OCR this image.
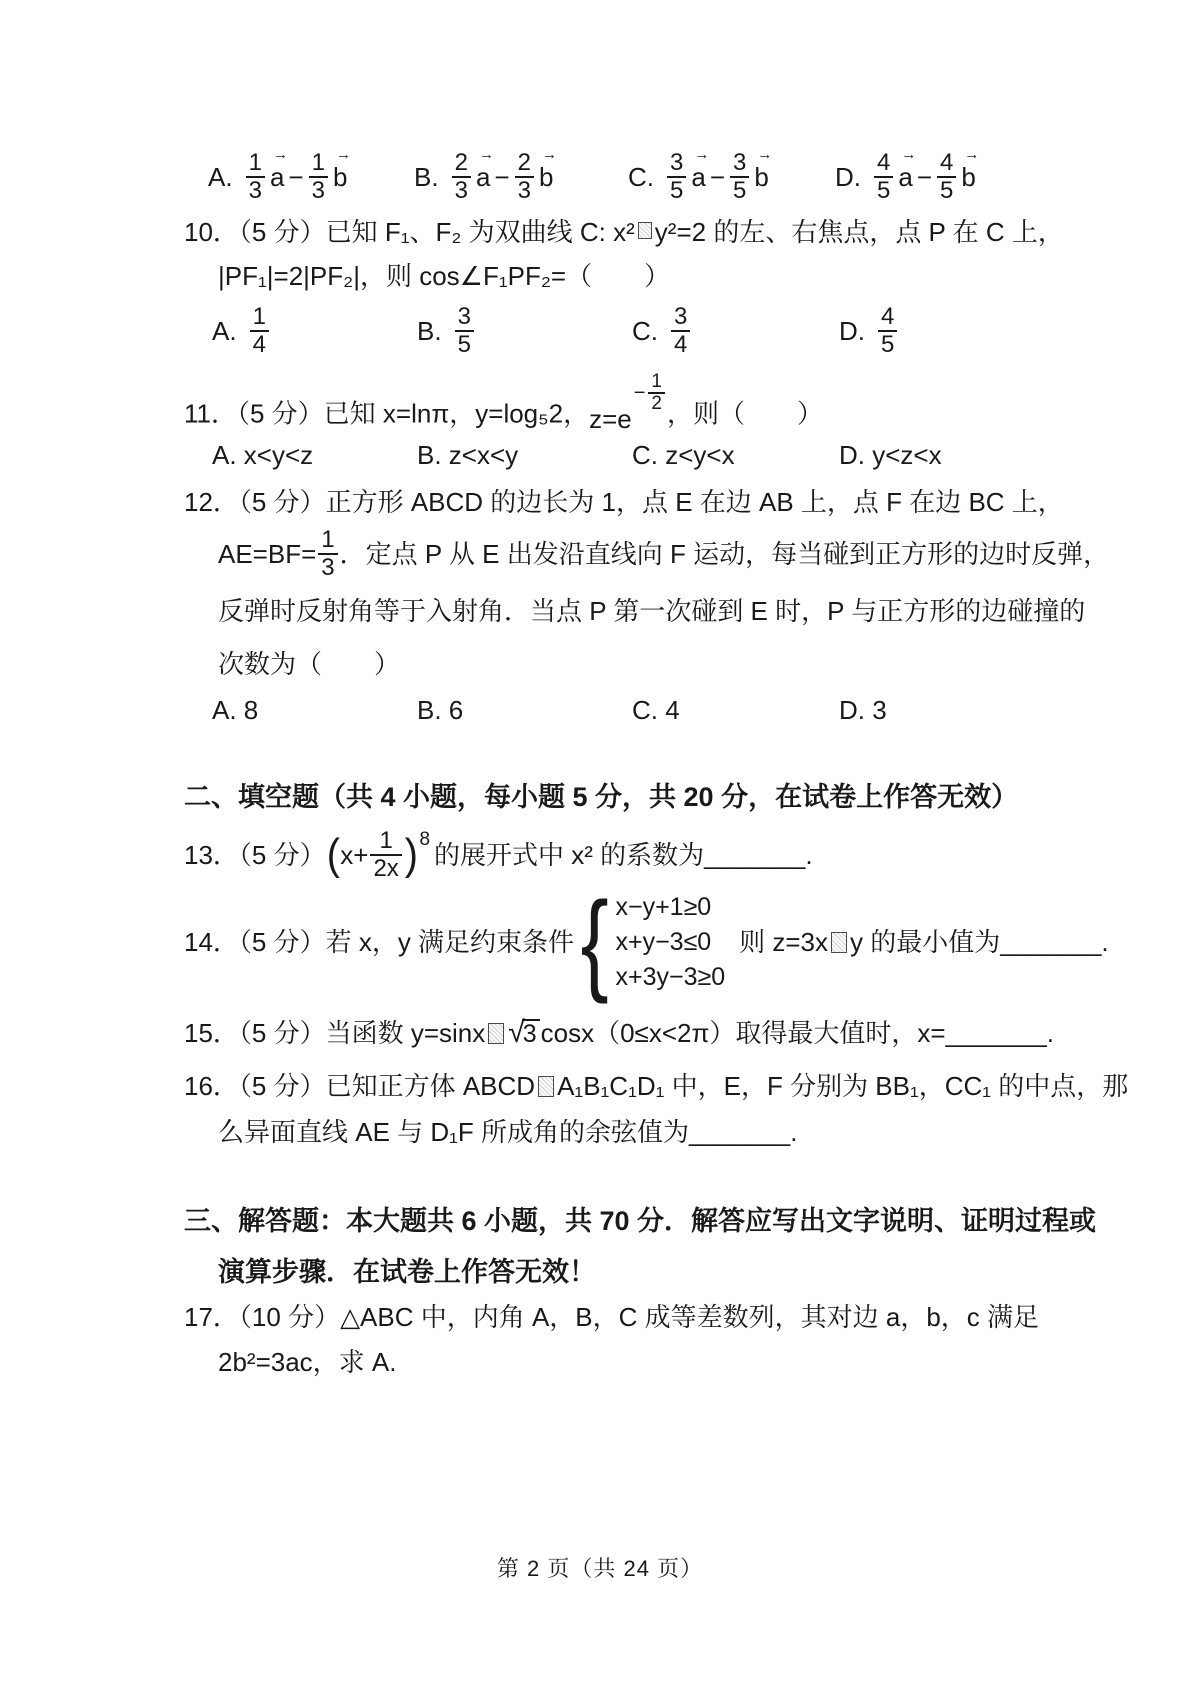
A. $\frac{1}{3}$ →
$a - \frac{1}{3}$ →
b	B. $\frac{2}{3}$ →
$a - \frac{2}{3}$ →
b	C. $\frac{3}{5}$ →
$a - \frac{3}{5}$ →
b	D. $\frac{4}{5}$ →
$a - \frac{4}{5}$ →
b
10．（5 分）已知 F₁、F₂ 为双曲线 C: x² y²=2 的左、右焦点，点 P 在 C 上，
|PF₁|=2|PF₂|，则 cos∠F₁PF₂=（　　）
A. $\frac{1}{4}$	B. $\frac{3}{5}$	C. $\frac{3}{4}$	D. $\frac{4}{5}$
11．（5 分）已知 x=lnπ，y=log₅2，z=e
− $\frac{1}{2}$ ，则（　　）
A. x<y<z	B. z<x<y	C. z<y<x	D. y<z<x
12．（5 分）正方形 ABCD 的边长为 1，点 E 在边 AB 上，点 F 在边 BC 上，
$AE=BF= \frac{1}{3}$ ．定点 P 从 E 出发沿直线向 F 运动，每当碰到正方形的边时反弹，
反弹时反射角等于入射角．当点 P 第一次碰到 E 时，P 与正方形的边碰撞的
次数为（　　）
A. 8	B. 6	C. 4	D. 3
二、填空题（共 4 小题，每小题 5 分，共 20 分，在试卷上作答无效）
13．（5 分） ( $x+ \frac{1}{2x}$ ) 8
的展开式中 x² 的系数为_______.
14．（5 分）若 x，y 满足约束条件 { x−y+1≥0
x+y−3≤0
x+3y−3≥0
则 z=3x y 的最小值为_______.
15．（5 分）当函数 y=sinx √
3 cosx（0≤x<2π）取得最大值时，x=_______.
16．（5 分）已知正方体 ABCD A₁B₁C₁D₁ 中，E，F 分别为 BB₁，CC₁ 的中点，那
么异面直线 AE 与 D₁F 所成角的余弦值为_______.
三、解答题：本大题共 6 小题，共 70 分．解答应写出文字说明、证明过程或
演算步骤．在试卷上作答无效！
17．（10 分）△ABC 中，内角 A，B，C 成等差数列，其对边 a，b，c 满足
2b²=3ac，求 A.
第 2 页（共 24 页）
